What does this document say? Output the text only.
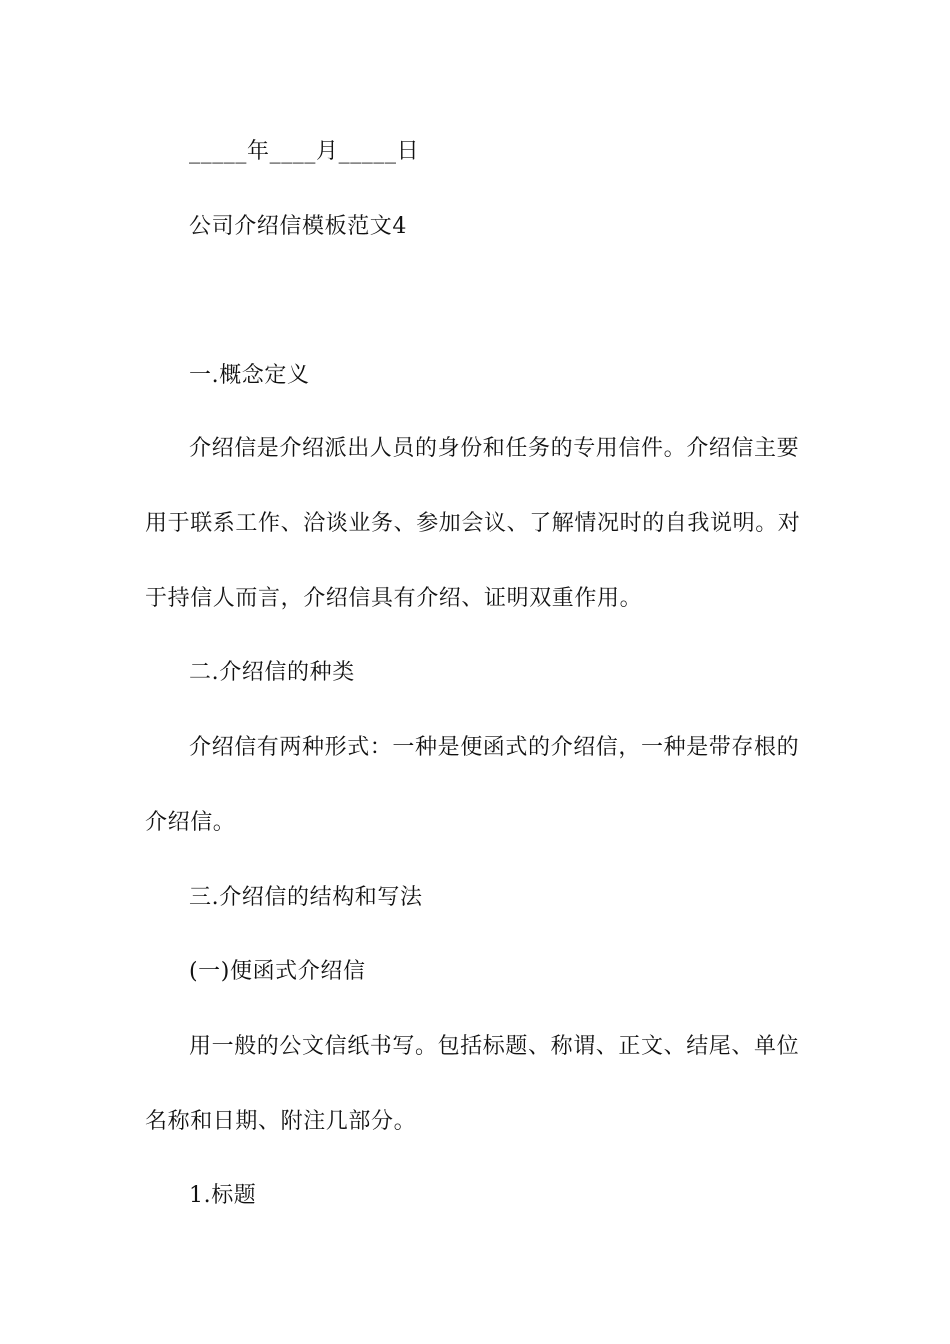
_____年____月_____日
公司介绍信模板范文4
一.概念定义
介绍信是介绍派出人员的身份和任务的专用信件。介绍信主要
用于联系工作、洽谈业务、参加会议、了解情况时的自我说明。对
于持信人而言，介绍信具有介绍、证明双重作用。
二.介绍信的种类
介绍信有两种形式：一种是便函式的介绍信，一种是带存根的
介绍信。
三.介绍信的结构和写法
(一)便函式介绍信
用一般的公文信纸书写。包括标题、称谓、正文、结尾、单位
名称和日期、附注几部分。
1.标题
